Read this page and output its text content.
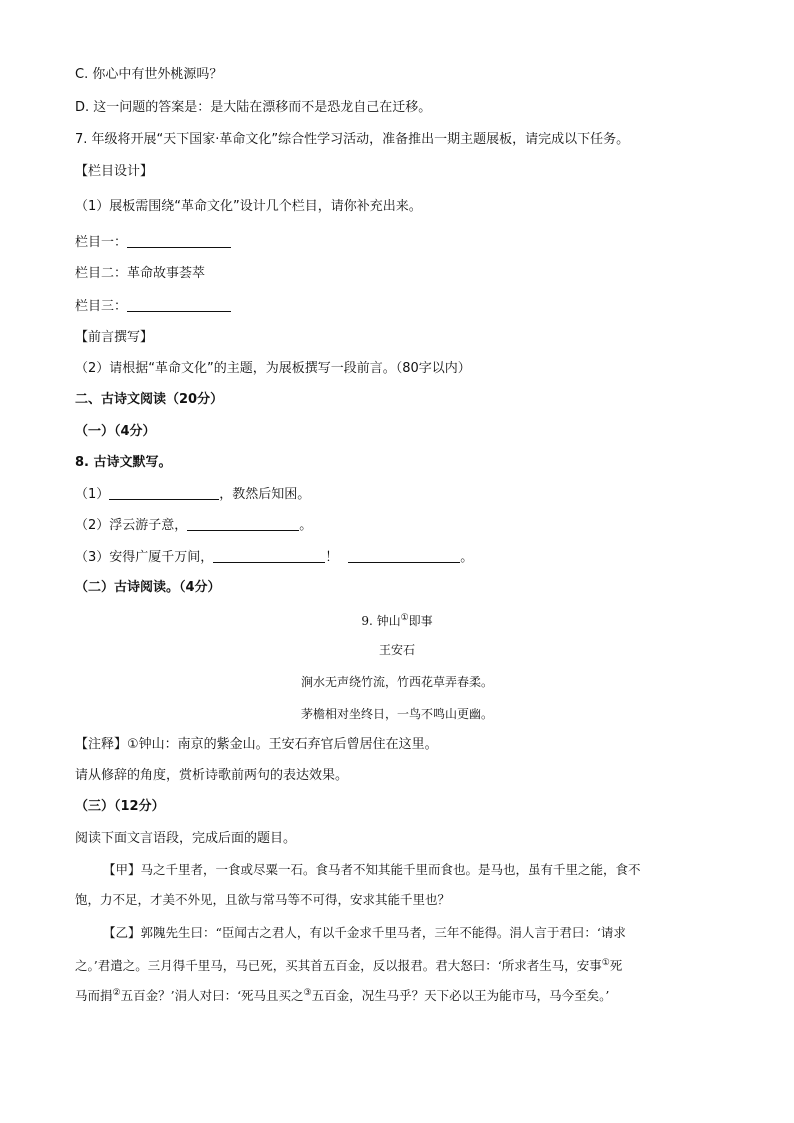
C. 你心中有世外桃源吗？
D. 这一问题的答案是：是大陆在漂移而不是恐龙自己在迁移。
7. 年级将开展“天下国家·革命文化”综合性学习活动，准备推出一期主题展板，请完成以下任务。
【栏目设计】
（1）展板需围绕“革命文化”设计几个栏目，请你补充出来。
栏目一：
栏目二：革命故事荟萃
栏目三：
【前言撰写】
（2）请根据“革命文化”的主题，为展板撰写一段前言。（80字以内）
二、古诗文阅读（20分）
（一）（4分）
8. 古诗文默写。
（1）	，教然后知困。
（2）浮云游子意，	。
（3）安得广厦千万间，	！	。
（二）古诗阅读。（4分）
9. 钟山①即事
王安石
涧水无声绕竹流，竹西花草弄春柔。
茅檐相对坐终日，一鸟不鸣山更幽。
【注释】①钟山：南京的紫金山。王安石弃官后曾居住在这里。
请从修辞的角度，赏析诗歌前两句的表达效果。
（三）（12分）
阅读下面文言语段，完成后面的题目。
【甲】马之千里者，一食或尽粟一石。食马者不知其能千里而食也。是马也，虽有千里之能，食不
饱，力不足，才美不外见，且欲与常马等不可得，安求其能千里也？
【乙】郭隗先生曰：“臣闻古之君人，有以千金求千里马者，三年不能得。涓人言于君曰：‘请求
之。’君遣之。三月得千里马，马已死，买其首五百金，反以报君。君大怒曰：‘所求者生马，安事①死
马而捐②五百金？’涓人对曰：‘死马且买之③五百金，况生马乎？天下必以王为能市马，马今至矣。’
